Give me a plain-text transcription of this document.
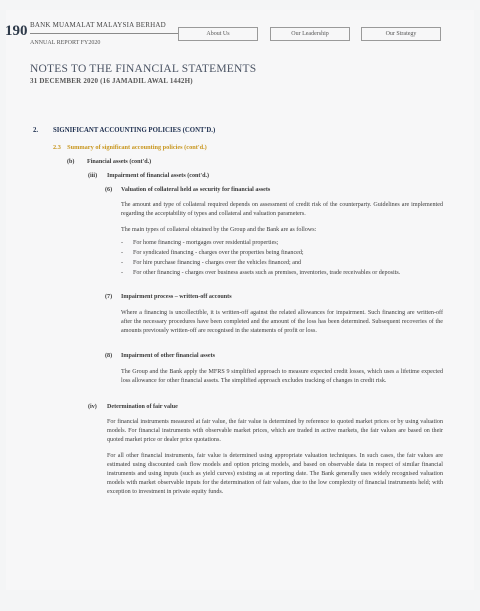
190 BANK MUAMALAT MALAYSIA BERHAD
ANNUAL REPORT FY2020
About Us	Our Leadership	Our Strategy
NOTES TO THE FINANCIAL STATEMENTS
31 DECEMBER 2020 (16 JAMADIL AWAL 1442H)
2. SIGNIFICANT ACCOUNTING POLICIES (CONT'D.)
2.3    Summary of significant accounting policies (cont'd.)
(b) Financial assets (cont'd.)
(iii) Impairment of financial assets (cont'd.)
(6) Valuation of collateral held as security for financial assets
The amount and type of collateral required depends on assessment of credit risk of the counterparty. Guidelines are implemented regarding the acceptability of types and collateral and valuation parameters.
The main types of collateral obtained by the Group and the Bank are as follows:
- For home financing - mortgages over residential properties;
- For syndicated financing - charges over the properties being financed;
- For hire purchase financing - charges over the vehicles financed; and
- For other financing - charges over business assets such as premises, inventories, trade receivables or deposits.
(7) Impairment process – written-off accounts
Where a financing is uncollectible, it is written-off against the related allowances for impairment. Such financing are written-off after the necessary procedures have been completed and the amount of the loss has been determined. Subsequent recoveries of the amounts previously written-off are recognised in the statements of profit or loss.
(8) Impairment of other financial assets
The Group and the Bank apply the MFRS 9 simplified approach to measure expected credit losses, which uses a lifetime expected loss allowance for other financial assets. The simplified approach excludes tracking of changes in credit risk.
(iv) Determination of fair value
For financial instruments measured at fair value, the fair value is determined by reference to quoted market prices or by using valuation models. For financial instruments with observable market prices, which are traded in active markets, the fair values are based on their quoted market price or dealer price quotations.
For all other financial instruments, fair value is determined using appropriate valuation techniques. In such cases, the fair values are estimated using discounted cash flow models and option pricing models, and based on observable data in respect of similar financial instruments and using inputs (such as yield curves) existing as at reporting date. The Bank generally uses widely recognised valuation models with market observable inputs for the determination of fair values, due to the low complexity of financial instruments held; with exception to investment in private equity funds.
